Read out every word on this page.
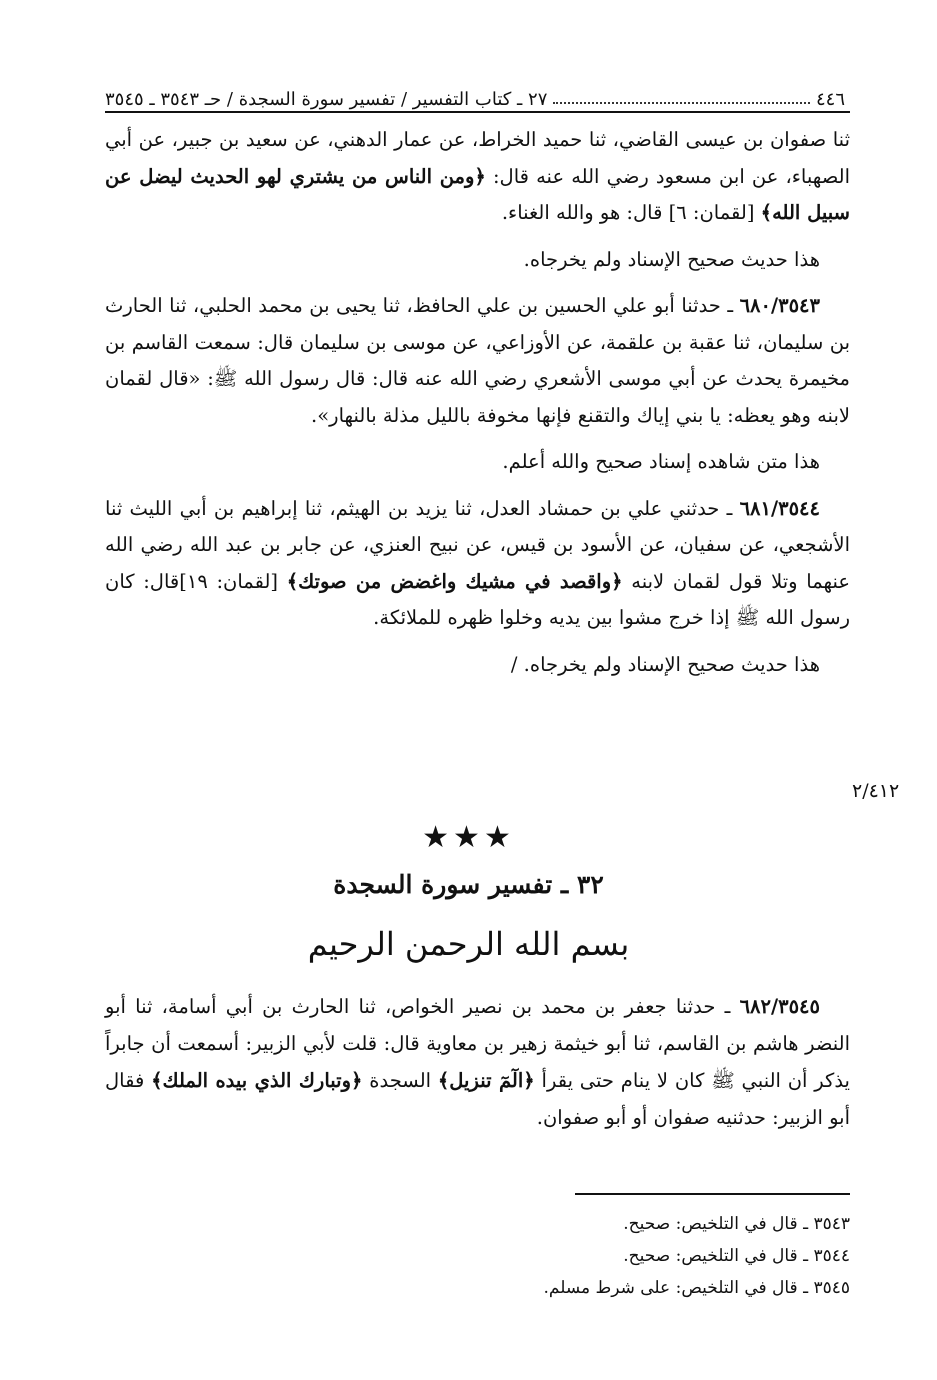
٤٤٦
٢٧ ـ كتاب التفسير / تفسير سورة السجدة / حـ ٣٥٤٣ ـ ٣٥٤٥

ثنا صفوان بن عيسى القاضي، ثنا حميد الخراط، عن عمار الدهني، عن سعيد بن جبير، عن أبي الصهباء، عن ابن مسعود رضي الله عنه قال: ﴿ومن الناس من يشتري لهو الحديث ليضل عن سبيل الله﴾ [لقمان: ٦] قال: هو والله الغناء.

هذا حديث صحيح الإسناد ولم يخرجاه.

٦٨٠/٣٥٤٣ ـ حدثنا أبو علي الحسين بن علي الحافظ، ثنا يحيى بن محمد الحلبي، ثنا الحارث بن سليمان، ثنا عقبة بن علقمة، عن الأوزاعي، عن موسى بن سليمان قال: سمعت القاسم بن مخيمرة يحدث عن أبي موسى الأشعري رضي الله عنه قال: قال رسول الله ﷺ: «قال لقمان لابنه وهو يعظه: يا بني إياك والتقنع فإنها مخوفة بالليل مذلة بالنهار».

هذا متن شاهده إسناد صحيح والله أعلم.

٦٨١/٣٥٤٤ ـ حدثني علي بن حمشاد العدل، ثنا يزيد بن الهيثم، ثنا إبراهيم بن أبي الليث ثنا الأشجعي، عن سفيان، عن الأسود بن قيس، عن نبيح العنزي، عن جابر بن عبد الله رضي الله عنهما وتلا قول لقمان لابنه ﴿واقصد في مشيك واغضض من صوتك﴾ [لقمان: ١٩]قال: كان رسول الله ﷺ إذا خرج مشوا بين يديه وخلوا ظهره للملائكة.

هذا حديث صحيح الإسناد ولم يخرجاه. /

٢/٤١٢
★★★
٣٢ ـ تفسير سورة السجدة
بسم الله الرحمن الرحيم

٦٨٢/٣٥٤٥ ـ حدثنا جعفر بن محمد بن نصير الخواص، ثنا الحارث بن أبي أسامة، ثنا أبو النضر هاشم بن القاسم، ثنا أبو خيثمة زهير بن معاوية قال: قلت لأبي الزبير: أسمعت أن جابراً يذكر أن النبي ﷺ كان لا ينام حتى يقرأ ﴿الٓمٓ تنزيل﴾ السجدة ﴿وتبارك الذي بيده الملك﴾ فقال أبو الزبير: حدثنيه صفوان أو أبو صفوان.

٣٥٤٣ ـ قال في التلخيص: صحيح.
٣٥٤٤ ـ قال في التلخيص: صحيح.
٣٥٤٥ ـ قال في التلخيص: على شرط مسلم.
